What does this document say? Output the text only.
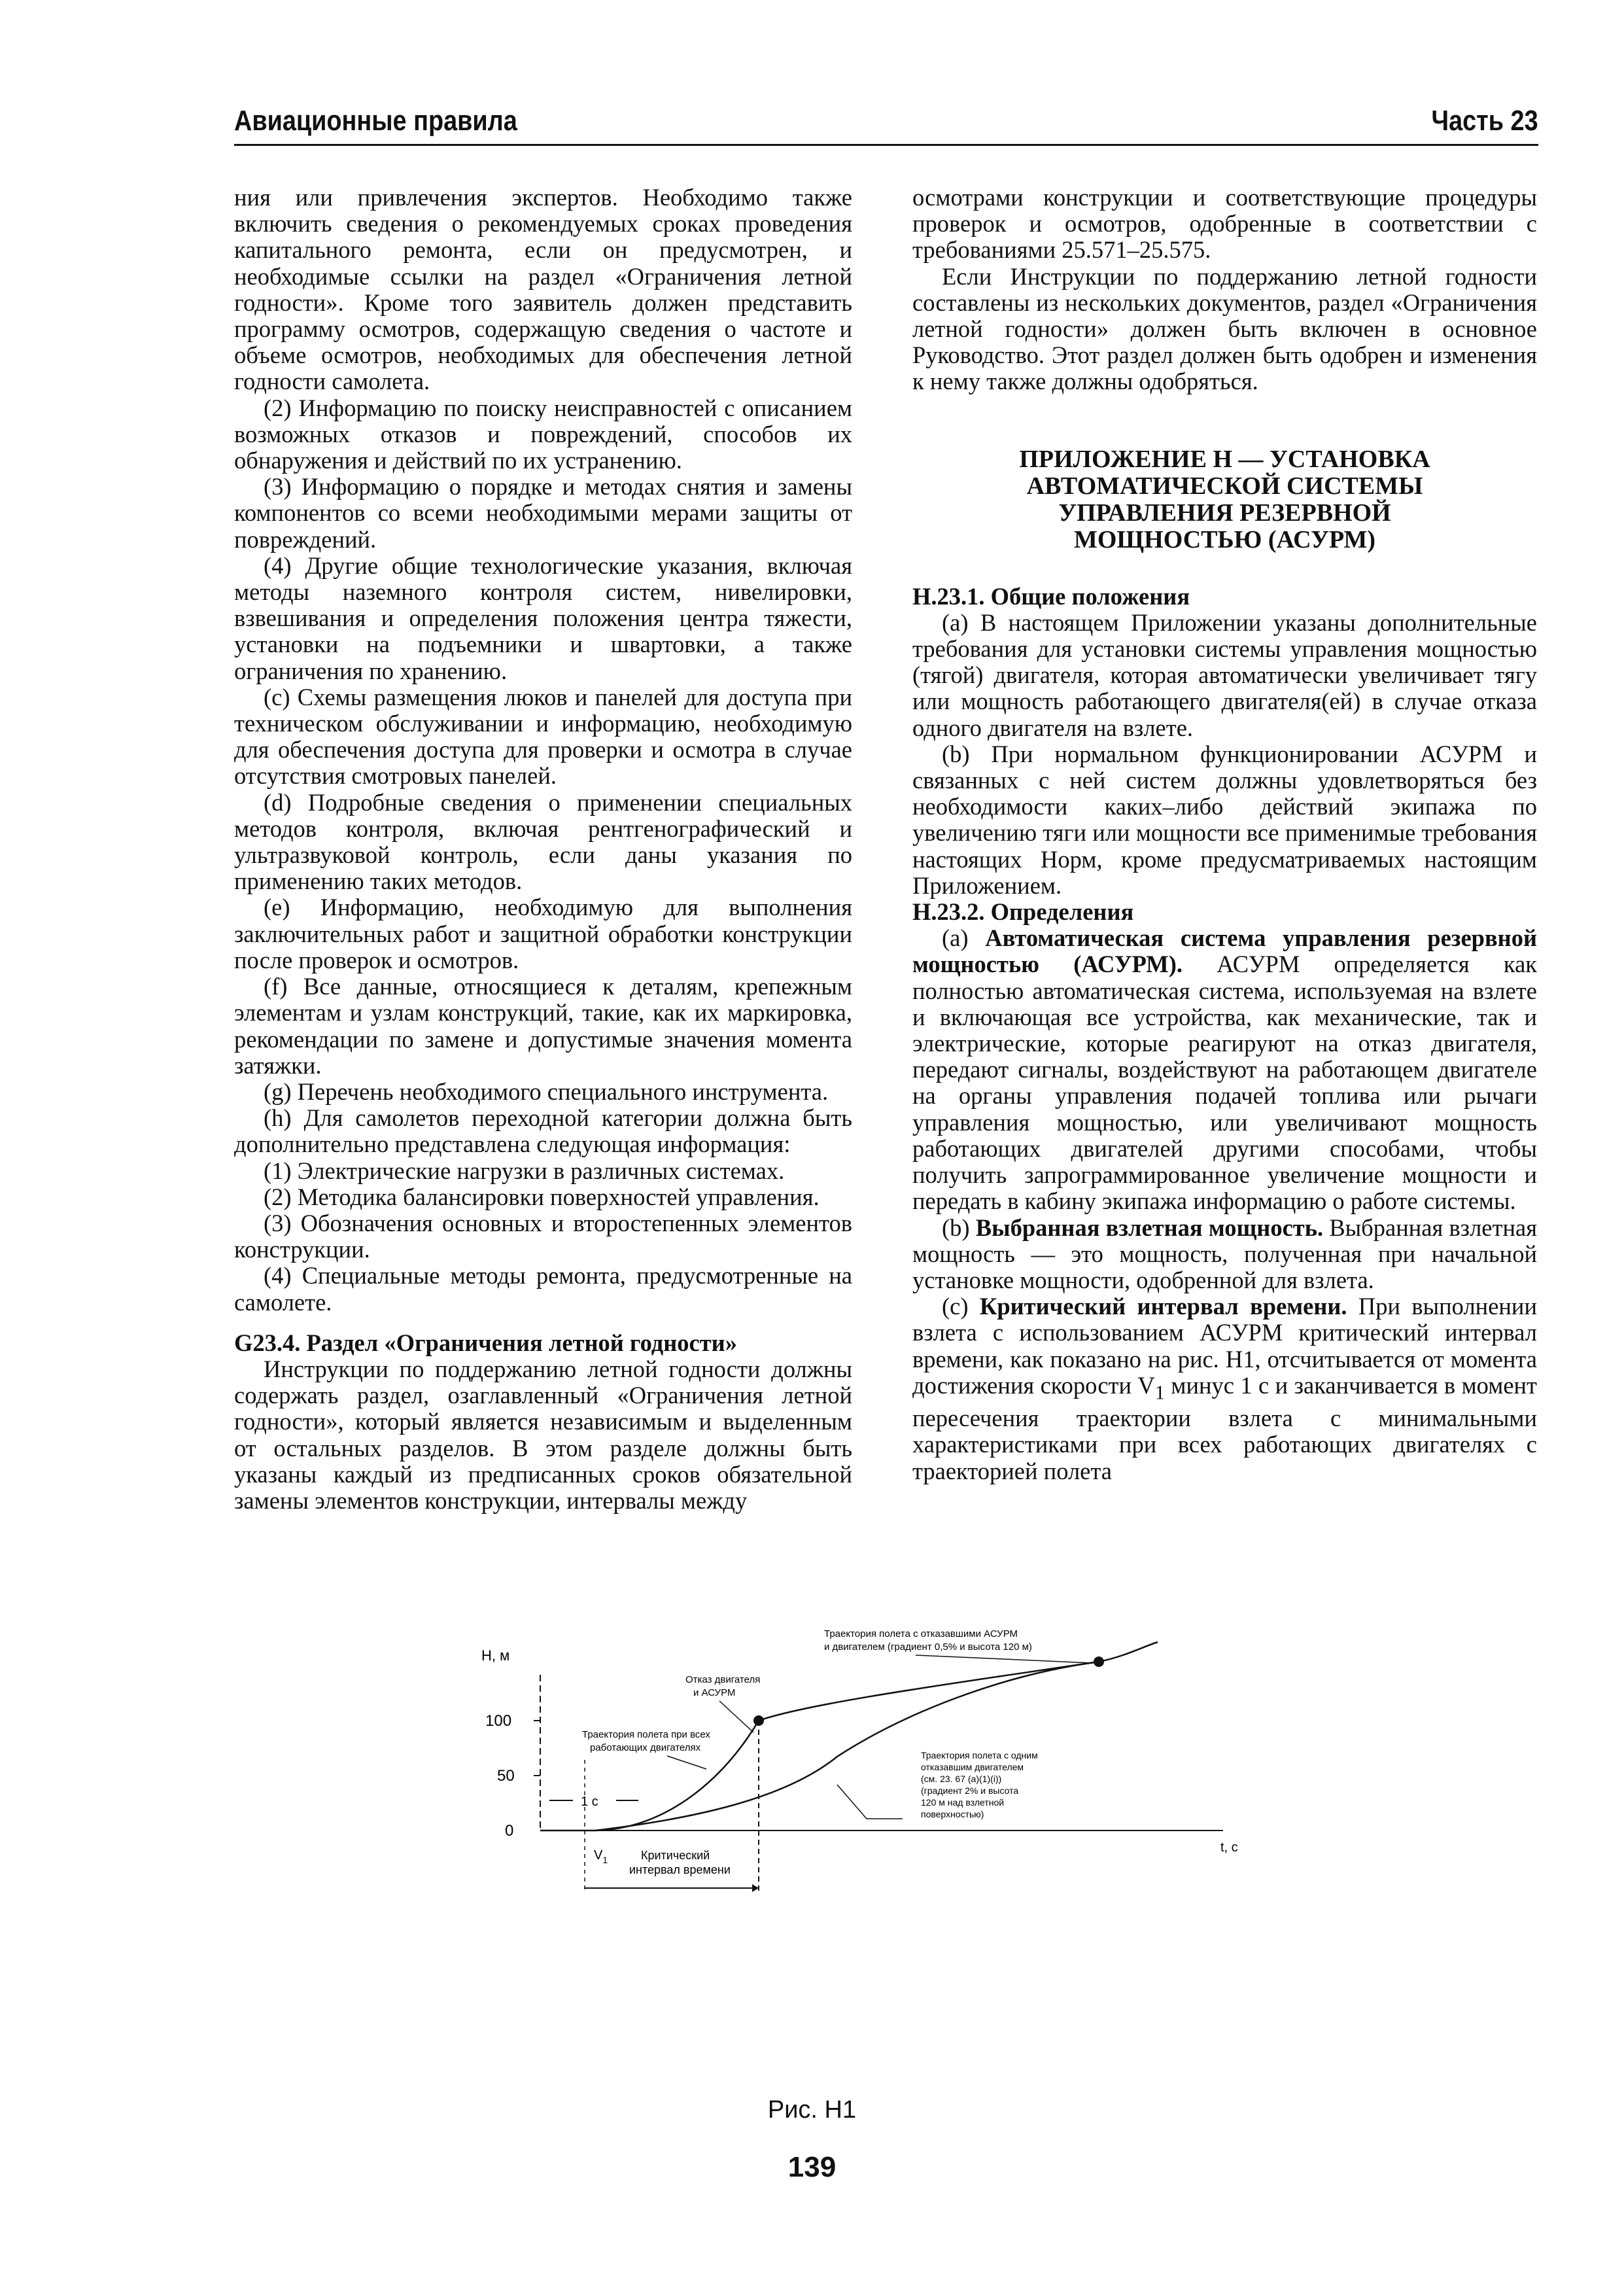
Авиационные правила	Часть 23

ния или привлечения экспертов. Необходимо также включить сведения о рекомендуемых сроках проведения капитального ремонта, если он предусмотрен, и необходимые ссылки на раздел «Ограничения летной годности». Кроме того заявитель должен представить программу осмотров, содержащую сведения о частоте и объеме осмотров, необходимых для обеспечения летной годности самолета.

(2) Информацию по поиску неисправностей с описанием возможных отказов и повреждений, способов их обнаружения и действий по их устранению.

(3) Информацию о порядке и методах снятия и замены компонентов со всеми необходимыми мерами защиты от повреждений.

(4) Другие общие технологические указания, включая методы наземного контроля систем, нивелировки, взвешивания и определения положения центра тяжести, установки на подъемники и швартовки, а также ограничения по хранению.

(c) Схемы размещения люков и панелей для доступа при техническом обслуживании и информацию, необходимую для обеспечения доступа для проверки и осмотра в случае отсутствия смотровых панелей.

(d) Подробные сведения о применении специальных методов контроля, включая рентгенографический и ультразвуковой контроль, если даны указания по применению таких методов.

(e) Информацию, необходимую для выполнения заключительных работ и защитной обработки конструкции после проверок и осмотров.

(f) Все данные, относящиеся к деталям, крепежным элементам и узлам конструкций, такие, как их маркировка, рекомендации по замене и допустимые значения момента затяжки.

(g) Перечень необходимого специального инструмента.

(h) Для самолетов переходной категории должна быть дополнительно представлена следующая информация:

(1) Электрические нагрузки в различных системах.

(2) Методика балансировки поверхностей управления.

(3) Обозначения основных и второстепенных элементов конструкции.

(4) Специальные методы ремонта, предусмотренные на самолете.

G23.4. Раздел «Ограничения летной годности»

Инструкции по поддержанию летной годности должны содержать раздел, озаглавленный «Ограничения летной годности», который является независимым и выделенным от остальных разделов. В этом разделе должны быть указаны каждый из предписанных сроков обязательной замены элементов конструкции, интервалы между

осмотрами конструкции и соответствующие процедуры проверок и осмотров, одобренные в соответствии с требованиями 25.571–25.575.

Если Инструкции по поддержанию летной годности составлены из нескольких документов, раздел «Ограничения летной годности» должен быть включен в основное Руководство. Этот раздел должен быть одобрен и изменения к нему также должны одобряться.

ПРИЛОЖЕНИЕ Н — УСТАНОВКА
АВТОМАТИЧЕСКОЙ СИСТЕМЫ
УПРАВЛЕНИЯ РЕЗЕРВНОЙ
МОЩНОСТЬЮ (АСУРМ)

Н.23.1. Общие положения

(а) В настоящем Приложении указаны дополнительные требования для установки системы управления мощностью (тягой) двигателя, которая автоматически увеличивает тягу или мощность работающего двигателя(ей) в случае отказа одного двигателя на взлете.

(b) При нормальном функционировании АСУРМ и связанных с ней систем должны удовлетворяться без необходимости каких–либо действий экипажа по увеличению тяги или мощности все применимые требования настоящих Норм, кроме предусматриваемых настоящим Приложением.

Н.23.2. Определения

(a) Автоматическая система управления резервной мощностью (АСУРМ). АСУРМ определяется как полностью автоматическая система, используемая на взлете и включающая все устройства, как механические, так и электрические, которые реагируют на отказ двигателя, передают сигналы, воздействуют на работающем двигателе на органы управления подачей топлива или рычаги управления мощностью, или увеличивают мощность работающих двигателей другими способами, чтобы получить запрограммированное увеличение мощности и передать в кабину экипажа информацию о работе системы.

(b) Выбранная взлетная мощность. Выбранная взлетная мощность — это мощность, полученная при начальной установке мощности, одобренной для взлета.

(c) Критический интервал времени. При выполнении взлета с использованием АСУРМ критический интервал времени, как показано на рис. Н1, отсчитывается от момента достижения скорости $V_1$ минус 1 с и заканчивается в момент пересечения траектории взлета с минимальными характеристиками при всех работающих двигателях с траекторией полета

Н, м
100
50
0
t, с
Траектория полета с отказавшими АСУРМ
и двигателем (градиент 0,5% и высота 120 м)
Отказ двигателя
и АСУРМ
Траектория полета при всех
работающих двигателях
Траектория полета с одним
отказавшим двигателем
(см. 23. 67 (а)(1)(i))
(градиент 2% и высота
120 м над взлетной
поверхностью)
1 с
$V_1$	Критический
интервал времени
Рис. Н1
139
